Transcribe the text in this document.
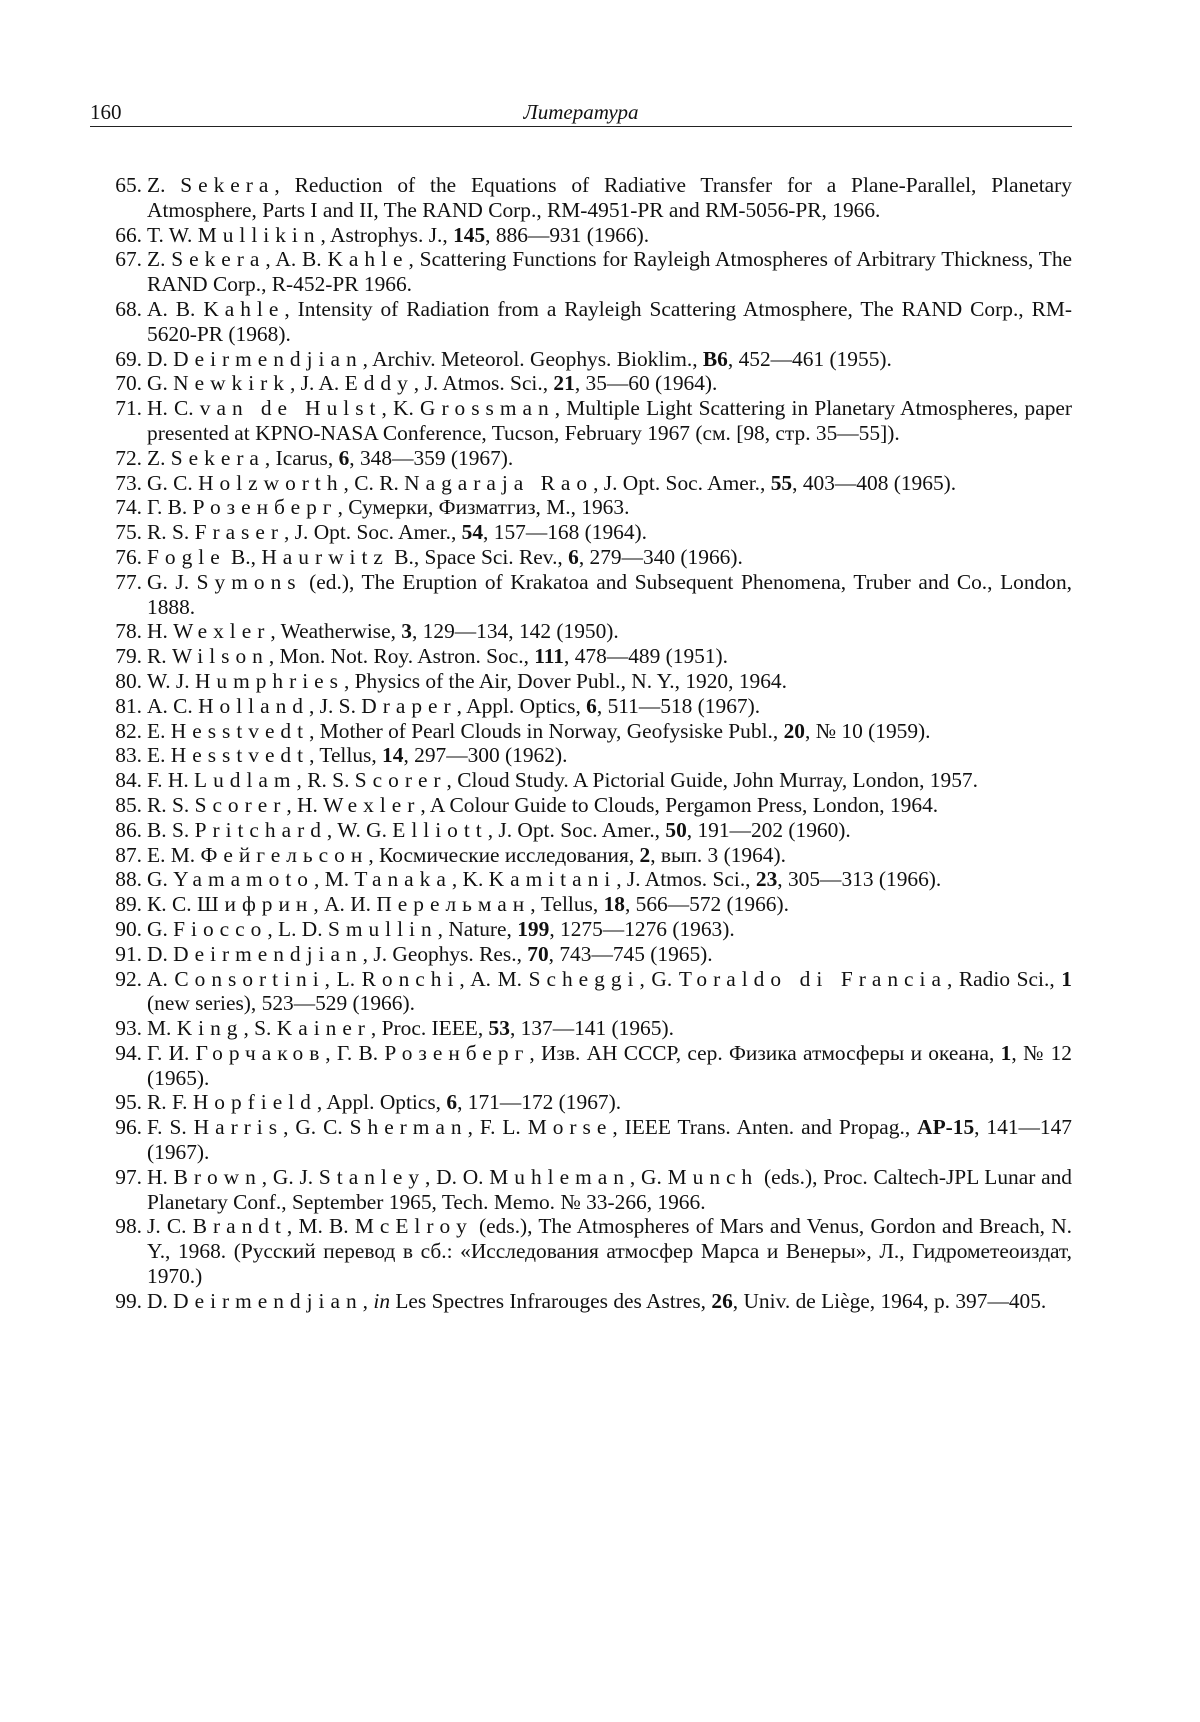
160	Литература
65. Z. Sekera, Reduction of the Equations of Radiative Transfer for a Plane-Parallel, Planetary Atmosphere, Parts I and II, The RAND Corp., RM-4951-PR and RM-5056-PR, 1966.
66. T. W. Mullikin, Astrophys. J., 145, 886—931 (1966).
67. Z. Sekera, A. B. Kahle, Scattering Functions for Rayleigh Atmospheres of Arbitrary Thickness, The RAND Corp., R-452-PR 1966.
68. A. B. Kahle, Intensity of Radiation from a Rayleigh Scattering Atmosphere, The RAND Corp., RM-5620-PR (1968).
69. D. Deirmendjian, Archiv. Meteorol. Geophys. Bioklim., B6, 452—461 (1955).
70. G. Newkirk, J. A. Eddy, J. Atmos. Sci., 21, 35—60 (1964).
71. H. C. van de Hulst, K. Grossman, Multiple Light Scattering in Planetary Atmospheres, paper presented at KPNO-NASA Conference, Tucson, February 1967 (см. [98, стр. 35—55]).
72. Z. Sekera, Icarus, 6, 348—359 (1967).
73. G. C. Holzworth, C. R. Nagaraja Rao, J. Opt. Soc. Amer., 55, 403—408 (1965).
74. Г. В. Розенберг, Сумерки, Физматгиз, М., 1963.
75. R. S. Fraser, J. Opt. Soc. Amer., 54, 157—168 (1964).
76. Fogle B., Haurwitz B., Space Sci. Rev., 6, 279—340 (1966).
77. G. J. Symons (ed.), The Eruption of Krakatoa and Subsequent Phenomena, Truber and Co., London, 1888.
78. H. Wexler, Weatherwise, 3, 129—134, 142 (1950).
79. R. Wilson, Mon. Not. Roy. Astron. Soc., 111, 478—489 (1951).
80. W. J. Humphries, Physics of the Air, Dover Publ., N. Y., 1920, 1964.
81. A. C. Holland, J. S. Draper, Appl. Optics, 6, 511—518 (1967).
82. E. Hesstvedt, Mother of Pearl Clouds in Norway, Geofysiske Publ., 20, № 10 (1959).
83. E. Hesstvedt, Tellus, 14, 297—300 (1962).
84. F. H. Ludlam, R. S. Scorer, Cloud Study. A Pictorial Guide, John Murray, London, 1957.
85. R. S. Scorer, H. Wexler, A Colour Guide to Clouds, Pergamon Press, London, 1964.
86. B. S. Pritchard, W. G. Elliott, J. Opt. Soc. Amer., 50, 191—202 (1960).
87. Е. М. Фейгельсон, Космические исследования, 2, вып. 3 (1964).
88. G. Yamamoto, M. Tanaka, K. Kamitani, J. Atmos. Sci., 23, 305—313 (1966).
89. К. С. Шифрин, А. И. Перельман, Tellus, 18, 566—572 (1966).
90. G. Fiocco, L. D. Smullin, Nature, 199, 1275—1276 (1963).
91. D. Deirmendjian, J. Geophys. Res., 70, 743—745 (1965).
92. A. Consortini, L. Ronchi, A. M. Scheggi, G. Toraldo di Francia, Radio Sci., 1 (new series), 523—529 (1966).
93. M. King, S. Kainer, Proc. IEEE, 53, 137—141 (1965).
94. Г. И. Горчаков, Г. В. Розенберг, Изв. АН СССР, сер. Физика атмосферы и океана, 1, № 12 (1965).
95. R. F. Hopfield, Appl. Optics, 6, 171—172 (1967).
96. F. S. Harris, G. C. Sherman, F. L. Morse, IEEE Trans. Anten. and Propag., AP-15, 141—147 (1967).
97. H. Brown, G. J. Stanley, D. O. Muhleman, G. Munch (eds.), Proc. Caltech-JPL Lunar and Planetary Conf., September 1965, Tech. Memo. № 33-266, 1966.
98. J. C. Brandt, M. B. McElroy (eds.), The Atmospheres of Mars and Venus, Gordon and Breach, N. Y., 1968. (Русский перевод в сб.: «Исследования атмосфер Марса и Венеры», Л., Гидрометеоиздат, 1970.)
99. D. Deirmendjian, in Les Spectres Infrarouges des Astres, 26, Univ. de Liège, 1964, p. 397—405.
